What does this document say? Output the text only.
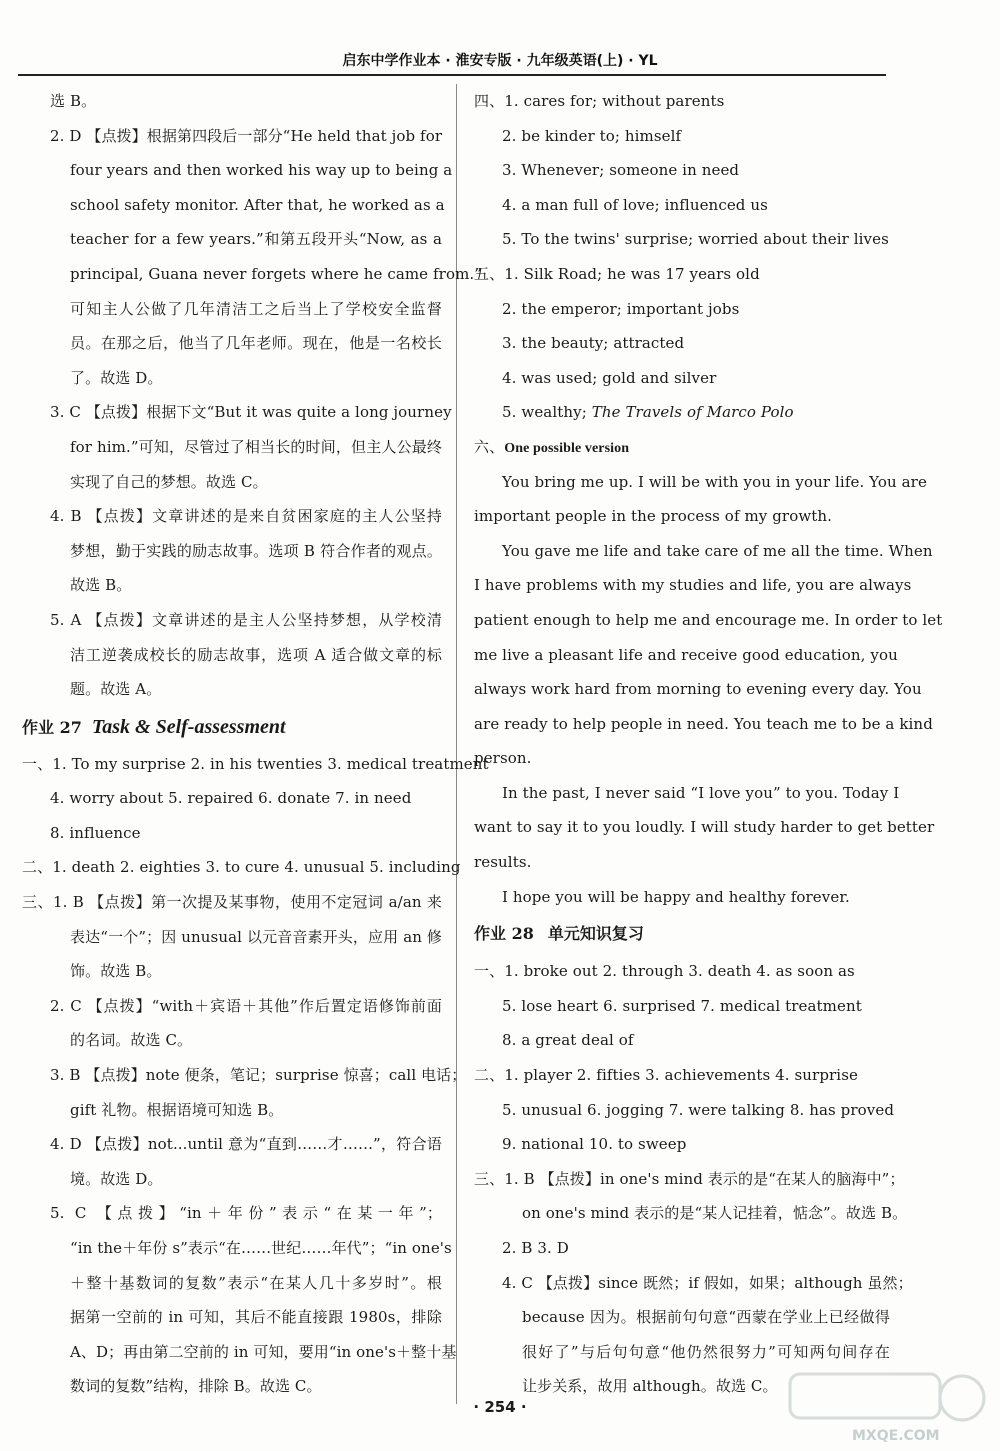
启东中学作业本 · 淮安专版 · 九年级英语(上) · YL
选 B。
2. D 【点拨】根据第四段后一部分“He held that job for
four years and then worked his way up to being a
school safety monitor. After that, he worked as a
teacher for a few years.”和第五段开头“Now, as a
principal, Guana never forgets where he came from.”
可知主人公做了几年清洁工之后当上了学校安全监督
员。在那之后，他当了几年老师。现在，他是一名校长
了。故选 D。
3. C 【点拨】根据下文“But it was quite a long journey
for him.”可知，尽管过了相当长的时间，但主人公最终
实现了自己的梦想。故选 C。
4. B 【点拨】文章讲述的是来自贫困家庭的主人公坚持
梦想，勤于实践的励志故事。选项 B 符合作者的观点。
故选 B。
5. A 【点拨】文章讲述的是主人公坚持梦想，从学校清
洁工逆袭成校长的励志故事，选项 A 适合做文章的标
题。故选 A。
作业 27 Task & Self-assessment
一、1. To my surprise 2. in his twenties 3. medical treatment
4. worry about 5. repaired 6. donate 7. in need
8. influence
二、1. death 2. eighties 3. to cure 4. unusual 5. including
三、1. B 【点拨】第一次提及某事物，使用不定冠词 a/an 来
表达“一个”；因 unusual 以元音音素开头，应用 an 修
饰。故选 B。
2. C 【点拨】“with＋宾语＋其他”作后置定语修饰前面
的名词。故选 C。
3. B 【点拨】note 便条，笔记；surprise 惊喜；call 电话；
gift 礼物。根据语境可知选 B。
4. D 【点拨】not...until 意为“直到……才……”，符合语
境。故选 D。
5. C 【点拨】“in＋年份”表示“在某一年”；
“in the＋年份 s”表示“在……世纪……年代”；“in one's
＋整十基数词的复数”表示“在某人几十多岁时”。根
据第一空前的 in 可知，其后不能直接跟 1980s，排除
A、D；再由第二空前的 in 可知，要用“in one's＋整十基
数词的复数”结构，排除 B。故选 C。
四、1. cares for; without parents
2. be kinder to; himself
3. Whenever; someone in need
4. a man full of love; influenced us
5. To the twins' surprise; worried about their lives
五、1. Silk Road; he was 17 years old
2. the emperor; important jobs
3. the beauty; attracted
4. was used; gold and silver
5. wealthy; The Travels of Marco Polo
六、One possible version
You bring me up. I will be with you in your life. You are
important people in the process of my growth.
You gave me life and take care of me all the time. When
I have problems with my studies and life, you are always
patient enough to help me and encourage me. In order to let
me live a pleasant life and receive good education, you
always work hard from morning to evening every day. You
are ready to help people in need. You teach me to be a kind
person.
In the past, I never said “I love you” to you. Today I
want to say it to you loudly. I will study harder to get better
results.
I hope you will be happy and healthy forever.
作业 28 单元知识复习
一、1. broke out 2. through 3. death 4. as soon as
5. lose heart 6. surprised 7. medical treatment
8. a great deal of
二、1. player 2. fifties 3. achievements 4. surprise
5. unusual 6. jogging 7. were talking 8. has proved
9. national 10. to sweep
三、1. B 【点拨】in one's mind 表示的是“在某人的脑海中”；
on one's mind 表示的是“某人记挂着，惦念”。故选 B。
2. B 3. D
4. C 【点拨】since 既然；if 假如，如果；although 虽然；
because 因为。根据前句句意“西蒙在学业上已经做得
很好了”与后句句意“他仍然很努力”可知两句间存在
让步关系，故用 although。故选 C。
· 254 ·
MXQE.COM
